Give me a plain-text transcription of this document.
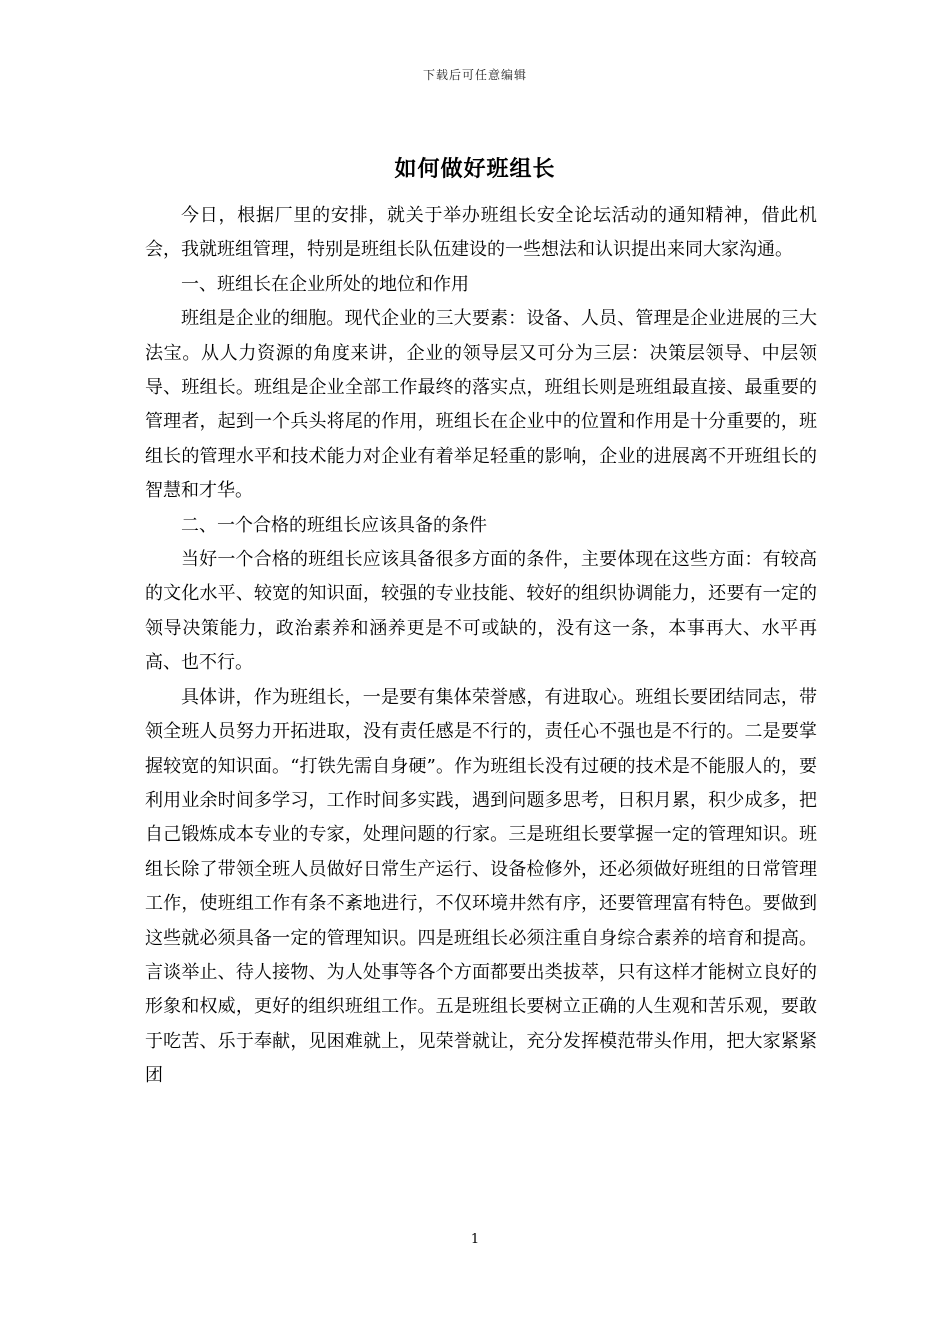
下载后可任意编辑
如何做好班组长

今日，根据厂里的安排，就关于举办班组长安全论坛活动的通知精神，借此机会，我就班组管理，特别是班组长队伍建设的一些想法和认识提出来同大家沟通。

一、班组长在企业所处的地位和作用

班组是企业的细胞。现代企业的三大要素：设备、人员、管理是企业进展的三大法宝。从人力资源的角度来讲，企业的领导层又可分为三层：决策层领导、中层领导、班组长。班组是企业全部工作最终的落实点，班组长则是班组最直接、最重要的管理者，起到一个兵头将尾的作用，班组长在企业中的位置和作用是十分重要的，班组长的管理水平和技术能力对企业有着举足轻重的影响，企业的进展离不开班组长的智慧和才华。

二、一个合格的班组长应该具备的条件

当好一个合格的班组长应该具备很多方面的条件，主要体现在这些方面：有较高的文化水平、较宽的知识面，较强的专业技能、较好的组织协调能力，还要有一定的领导决策能力，政治素养和涵养更是不可或缺的，没有这一条，本事再大、水平再高、也不行。

具体讲，作为班组长，一是要有集体荣誉感，有进取心。班组长要团结同志，带领全班人员努力开拓进取，没有责任感是不行的，责任心不强也是不行的。二是要掌握较宽的知识面。“打铁先需自身硬”。作为班组长没有过硬的技术是不能服人的，要利用业余时间多学习，工作时间多实践，遇到问题多思考，日积月累，积少成多，把自己锻炼成本专业的专家，处理问题的行家。三是班组长要掌握一定的管理知识。班组长除了带领全班人员做好日常生产运行、设备检修外，还必须做好班组的日常管理工作，使班组工作有条不紊地进行，不仅环境井然有序，还要管理富有特色。要做到这些就必须具备一定的管理知识。四是班组长必须注重自身综合素养的培育和提高。言谈举止、待人接物、为人处事等各个方面都要出类拔萃，只有这样才能树立良好的形象和权威，更好的组织班组工作。五是班组长要树立正确的人生观和苦乐观，要敢于吃苦、乐于奉献，见困难就上，见荣誉就让，充分发挥模范带头作用，把大家紧紧团

1
